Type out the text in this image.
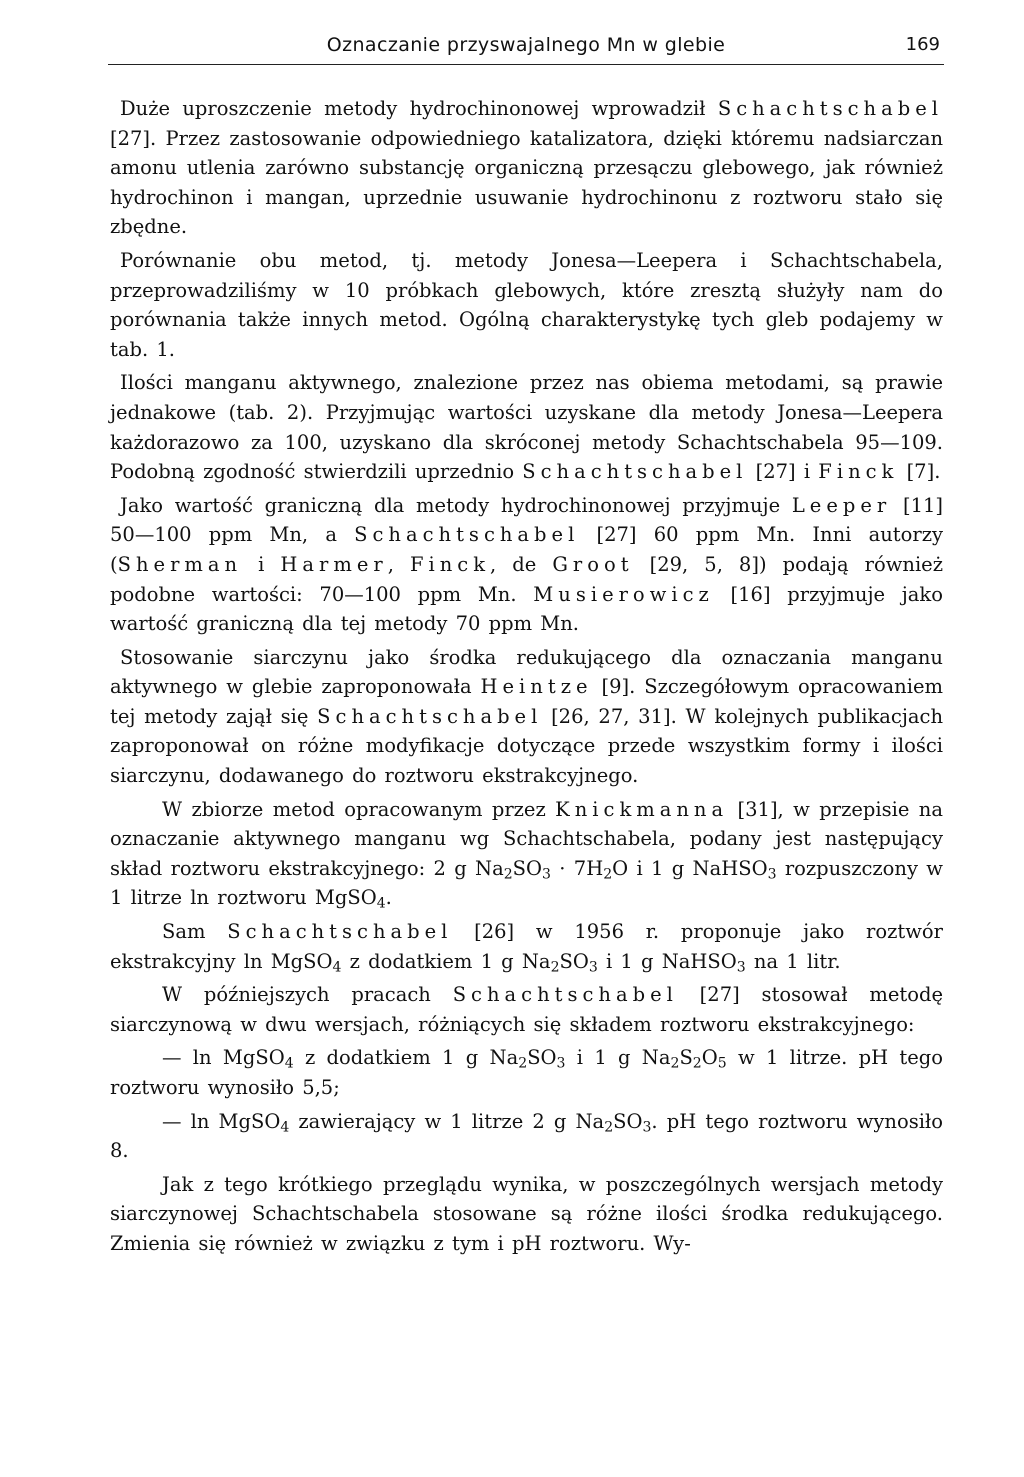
Oznaczanie przyswajalnego Mn w glebie	169

Duże uproszczenie metody hydrochinonowej wprowadził Schachtschabel [27]. Przez zastosowanie odpowiedniego katalizatora, dzięki któremu nadsiarczan amonu utlenia zarówno substancję organiczną przesączu glebowego, jak również hydrochinon i mangan, uprzednie usuwanie hydrochinonu z roztworu stało się zbędne.

Porównanie obu metod, tj. metody Jonesa—Leepera i Schachtschabela, przeprowadziliśmy w 10 próbkach glebowych, które zresztą służyły nam do porównania także innych metod. Ogólną charakterystykę tych gleb podajemy w tab. 1.

Ilości manganu aktywnego, znalezione przez nas obiema metodami, są prawie jednakowe (tab. 2). Przyjmując wartości uzyskane dla metody Jonesa—Leepera każdorazowo za 100, uzyskano dla skróconej metody Schachtschabela 95—109. Podobną zgodność stwierdzili uprzednio Schachtschabel [27] i Finck [7].

Jako wartość graniczną dla metody hydrochinonowej przyjmuje Leeper [11] 50—100 ppm Mn, a Schachtschabel [27] 60 ppm Mn. Inni autorzy (Sherman i Harmer, Finck, de Groot [29, 5, 8]) podają również podobne wartości: 70—100 ppm Mn. Musierowicz [16] przyjmuje jako wartość graniczną dla tej metody 70 ppm Mn.

Stosowanie siarczynu jako środka redukującego dla oznaczania manganu aktywnego w glebie zaproponowała Heintze [9]. Szczegółowym opracowaniem tej metody zajął się Schachtschabel [26, 27, 31]. W kolejnych publikacjach zaproponował on różne modyfikacje dotyczące przede wszystkim formy i ilości siarczynu, dodawanego do roztworu ekstrakcyjnego.

W zbiorze metod opracowanym przez Knickmanna [31], w przepisie na oznaczanie aktywnego manganu wg Schachtschabela, podany jest następujący skład roztworu ekstrakcyjnego: 2 g $Na_2SO_3 \cdot 7H_2O$ i 1 g NaHSO$_3$ rozpuszczony w 1 litrze ln roztworu MgSO$_4$.

Sam Schachtschabel [26] w 1956 r. proponuje jako roztwór ekstrakcyjny ln MgSO$_4$ z dodatkiem 1 g $Na_2SO_3$ i 1 g NaHSO$_3$ na 1 litr.

W późniejszych pracach Schachtschabel [27] stosował metodę siarczynową w dwu wersjach, różniących się składem roztworu ekstrakcyjnego:

— ln MgSO$_4$ z dodatkiem 1 g $Na_2SO_3$ i 1 g $Na_2S_2O_5$ w 1 litrze. pH tego roztworu wynosiło 5,5;

— ln MgSO$_4$ zawierający w 1 litrze 2 g $Na_2SO_3$. pH tego roztworu wynosiło 8.

Jak z tego krótkiego przeglądu wynika, w poszczególnych wersjach metody siarczynowej Schachtschabela stosowane są różne ilości środka redukującego. Zmienia się również w związku z tym i pH roztworu. Wy-
